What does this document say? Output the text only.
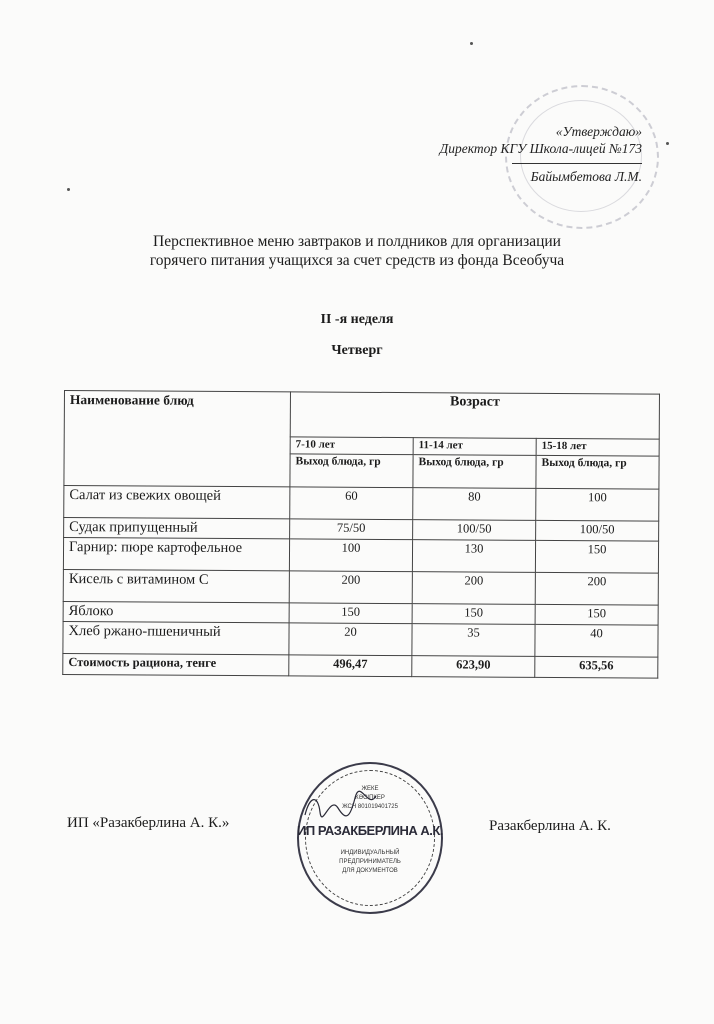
«Утверждаю»
Директор КГУ Школа-лицей №173
Байымбетова Л.М.
Перспективное меню завтраков и полдников для организации
горячего питания учащихся за счет средств из фонда Всеобуча
II -я неделя
Четверг
Наименование блюд	Возраст		
	7-10 лет	11-14 лет	15-18 лет
	Выход блюда, гр	Выход блюда, гр	Выход блюда, гр
Салат из свежих овощей	60	80	100
Судак припущенный	75/50	100/50	100/50
Гарнир: пюре картофельное	100	130	150
Кисель с витамином С	200	200	200
Яблоко	150	150	150
Хлеб ржано-пшеничный	20	35	40
Стоимость рациона, тенге	496,47	623,90	635,56
ИП «Разакберлина А. К.»
ЖЕКЕ
КӘСІПКЕР
ЖСН 801019401725
ИП РАЗАКБЕРЛИНА А.К.
ИНДИВИДУАЛЬНЫЙ
ПРЕДПРИНИМАТЕЛЬ
ДЛЯ ДОКУМЕНТОВ
Разакберлина А. К.
